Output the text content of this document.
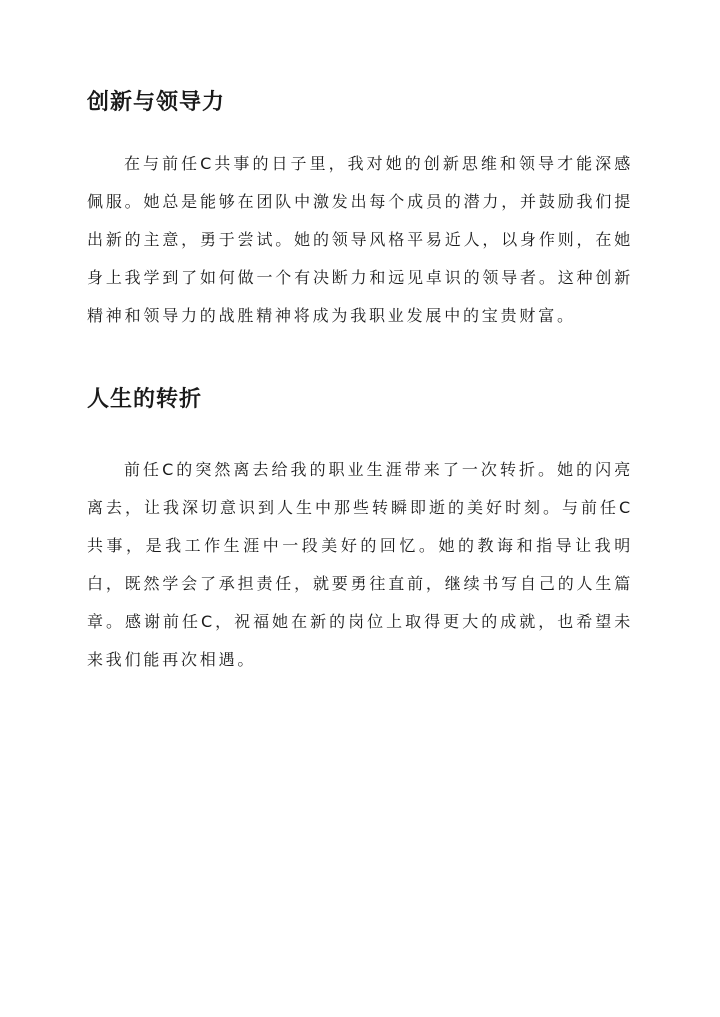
创新与领导力

在与前任C共事的日子里，我对她的创新思维和领导才能深感佩服。她总是能够在团队中激发出每个成员的潜力，并鼓励我们提出新的主意，勇于尝试。她的领导风格平易近人，以身作则，在她身上我学到了如何做一个有决断力和远见卓识的领导者。这种创新精神和领导力的战胜精神将成为我职业发展中的宝贵财富。

人生的转折

前任C的突然离去给我的职业生涯带来了一次转折。她的闪亮离去，让我深切意识到人生中那些转瞬即逝的美好时刻。与前任C共事，是我工作生涯中一段美好的回忆。她的教诲和指导让我明白，既然学会了承担责任，就要勇往直前，继续书写自己的人生篇章。感谢前任C，祝福她在新的岗位上取得更大的成就，也希望未来我们能再次相遇。
